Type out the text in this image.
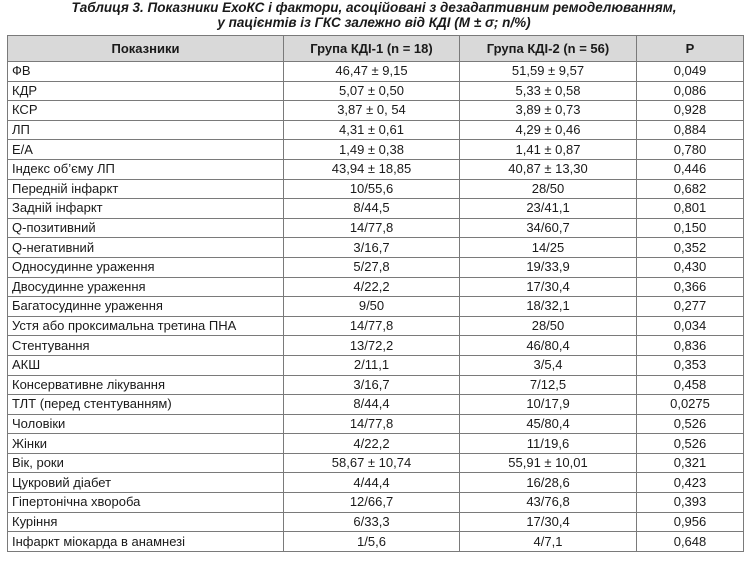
Таблиця 3. Показники ЕхоКС і фактори, асоційовані з дезадаптивним ремоделюванням,
у пацієнтів із ГКС залежно від КДІ (M ± σ; n/%)
Показники	Група КДІ-1 (n = 18)	Група КДІ-2 (n = 56)	P
ФВ	46,47 ± 9,15	51,59 ± 9,57	0,049
КДР	5,07 ± 0,50	5,33 ± 0,58	0,086
КСР	3,87 ± 0, 54	3,89 ± 0,73	0,928
ЛП	4,31 ± 0,61	4,29 ± 0,46	0,884
E/A	1,49 ± 0,38	1,41 ± 0,87	0,780
Індекс об’єму ЛП	43,94 ± 18,85	40,87 ± 13,30	0,446
Передній інфаркт	10/55,6	28/50	0,682
Задній інфаркт	8/44,5	23/41,1	0,801
Q-позитивний	14/77,8	34/60,7	0,150
Q-негативний	3/16,7	14/25	0,352
Односудинне ураження	5/27,8	19/33,9	0,430
Двосудинне ураження	4/22,2	17/30,4	0,366
Багатосудинне ураження	9/50	18/32,1	0,277
Устя або проксимальна третина ПНА	14/77,8	28/50	0,034
Стентування	13/72,2	46/80,4	0,836
АКШ	2/11,1	3/5,4	0,353
Консервативне лікування	3/16,7	7/12,5	0,458
ТЛТ (перед стентуванням)	8/44,4	10/17,9	0,0275
Чоловіки	14/77,8	45/80,4	0,526
Жінки	4/22,2	11/19,6	0,526
Вік, роки	58,67 ± 10,74	55,91 ± 10,01	0,321
Цукровий діабет	4/44,4	16/28,6	0,423
Гіпертонічна хвороба	12/66,7	43/76,8	0,393
Куріння	6/33,3	17/30,4	0,956
Інфаркт міокарда в анамнезі	1/5,6	4/7,1	0,648
